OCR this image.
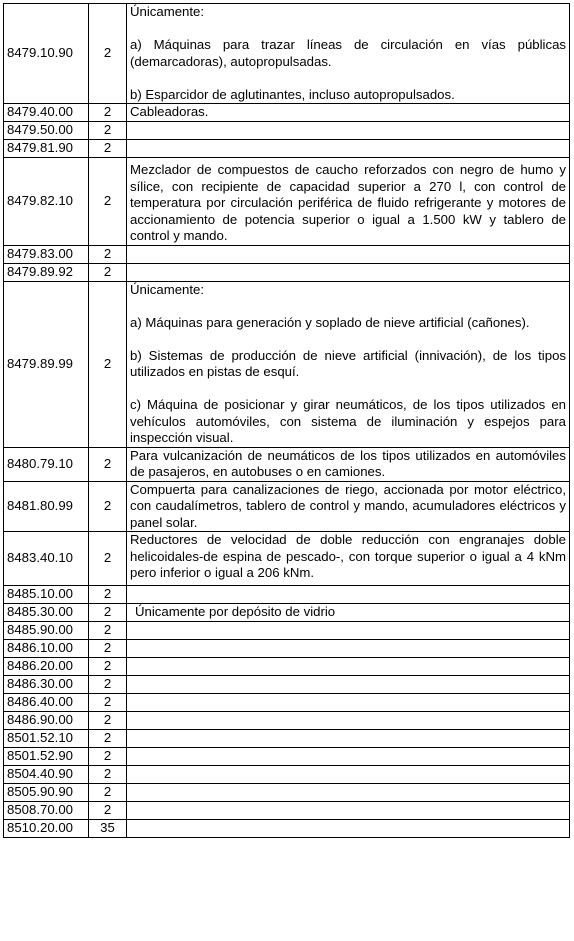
8479.10.90	2	Únicamente:

a) Máquinas para trazar líneas de circulación en vías públicas (demarcadoras), autopropulsadas.

b) Esparcidor de aglutinantes, incluso autopropulsados.

8479.40.00	2	Cableadoras.

8479.50.00	2	
8479.81.90	2	
8479.82.10	2	Mezclador de compuestos de caucho reforzados con negro de humo y sílice, con recipiente de capacidad superior a 270 l, con control de temperatura por circulación periférica de fluido refrigerante y motores de accionamiento de potencia superior o igual a 1.500 kW y tablero de control y mando.

8479.83.00	2	
8479.89.92	2	
8479.89.99	2	Únicamente:

a) Máquinas para generación y soplado de nieve artificial (cañones).

b) Sistemas de producción de nieve artificial (innivación), de los tipos utilizados en pistas de esquí.

c) Máquina de posicionar y girar neumáticos, de los tipos utilizados en vehículos automóviles, con sistema de iluminación y espejos para inspección visual.

8480.79.10	2	Para vulcanización de neumáticos de los tipos utilizados en automóviles de pasajeros, en autobuses o en camiones.

8481.80.99	2	Compuerta para canalizaciones de riego, accionada por motor eléctrico, con caudalímetros, tablero de control y mando, acumuladores eléctricos y panel solar.

8483.40.10	2	Reductores de velocidad de doble reducción con engranajes doble helicoidales-de espina de pescado-, con torque superior o igual a 4 kNm pero inferior o igual a 206 kNm.

8485.10.00	2	
8485.30.00	2	Únicamente por depósito de vidrio

8485.90.00	2	
8486.10.00	2	
8486.20.00	2	
8486.30.00	2	
8486.40.00	2	
8486.90.00	2	
8501.52.10	2	
8501.52.90	2	
8504.40.90	2	
8505.90.90	2	
8508.70.00	2	
8510.20.00	35	
